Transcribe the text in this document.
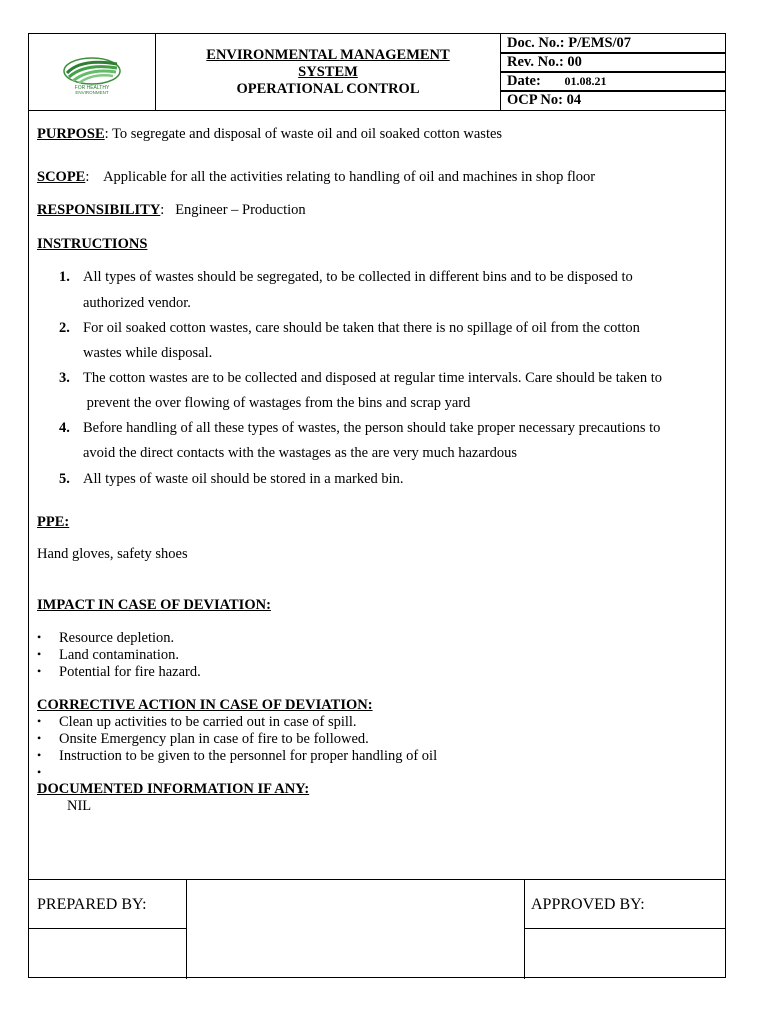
FOR HEALTHY
ENVIRONMENT
ENVIRONMENTAL MANAGEMENT
SYSTEM
OPERATIONAL CONTROL
Doc. No.: P/EMS/07
Rev. No.: 00
Date: 01.08.21
OCP No: 04
PURPOSE: To segregate and disposal of waste oil and oil soaked cotton wastes
SCOPE:    Applicable for all the activities relating to handling of oil and machines in shop floor
RESPONSIBILITY:   Engineer – Production
INSTRUCTIONS
1. All types of wastes should be segregated, to be collected in different bins and to be disposed to
authorized vendor.
2. For oil soaked cotton wastes, care should be taken that there is no spillage of oil from the cotton
wastes while disposal.
3. The cotton wastes are to be collected and disposed at regular time intervals. Care should be taken to
prevent the over flowing of wastages from the bins and scrap yard
4. Before handling of all these types of wastes, the person should take proper necessary precautions to
avoid the direct contacts with the wastages as the are very much hazardous
5. All types of waste oil should be stored in a marked bin.
PPE:
Hand gloves, safety shoes
IMPACT IN CASE OF DEVIATION:
• Resource depletion.
• Land contamination.
• Potential for fire hazard.
CORRECTIVE ACTION IN CASE OF DEVIATION:
• Clean up activities to be carried out in case of spill.
• Onsite Emergency plan in case of fire to be followed.
• Instruction to be given to the personnel for proper handling of oil
•
DOCUMENTED INFORMATION IF ANY:
NIL
PREPARED BY:	APPROVED BY:
